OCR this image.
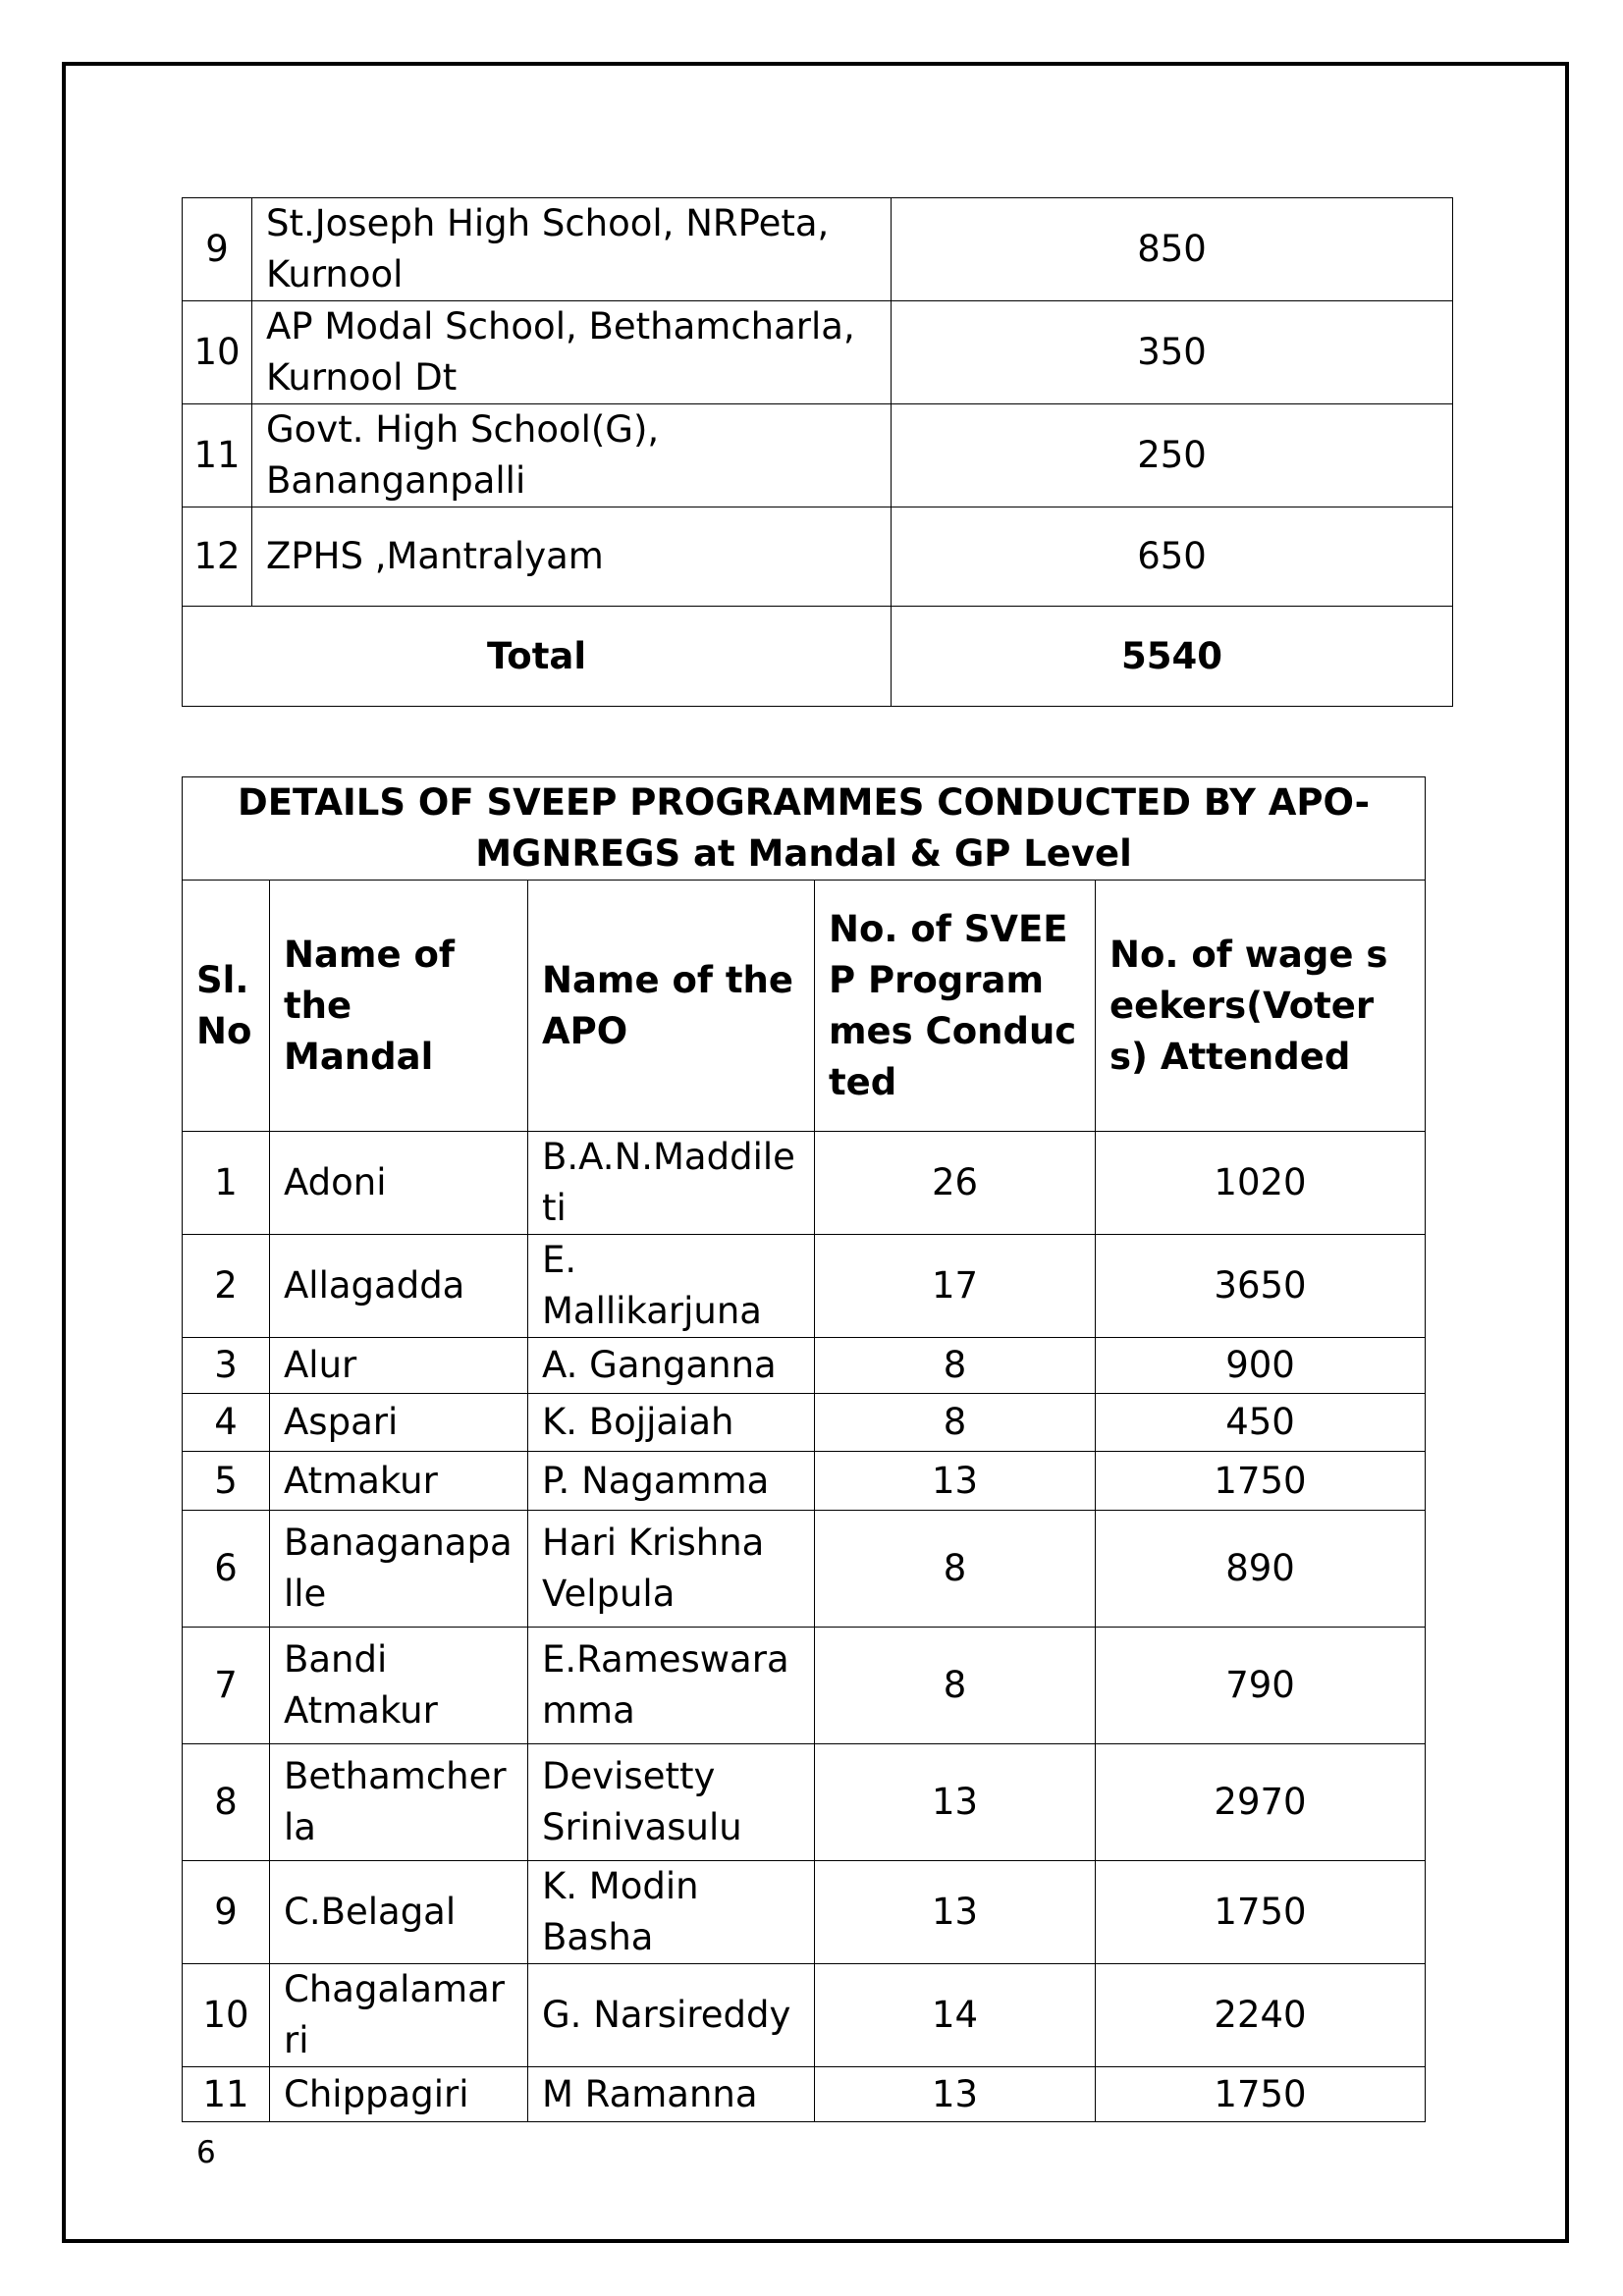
9	St.Joseph High School, NRPeta, Kurnool	850
10	AP Modal School, Bethamcharla, Kurnool Dt	350
11	Govt. High School(G), Bananganpalli	250
12	ZPHS ,Mantralyam	650
Total		5540
DETAILS OF SVEEP PROGRAMMES CONDUCTED BY APO-MGNREGS at Mandal & GP Level				
Sl. No	Name of the Mandal	Name of the APO	No. of SVEEP Programmes Conducted	No. of wage seekers(Voters) Attended
1	Adoni	B.A.N.Maddileti	26	1020
2	Allagadda	E. Mallikarjuna	17	3650
3	Alur	A. Ganganna	8	900
4	Aspari	K. Bojjaiah	8	450
5	Atmakur	P. Nagamma	13	1750
6	Banaganapalle	Hari Krishna Velpula	8	890
7	Bandi Atmakur	E.Rameswaramma	8	790
8	Bethamcherla	Devisetty Srinivasulu	13	2970
9	C.Belagal	K. Modin Basha	13	1750
10	Chagalamarri	G. Narsireddy	14	2240
11	Chippagiri	M Ramanna	13	1750
6
